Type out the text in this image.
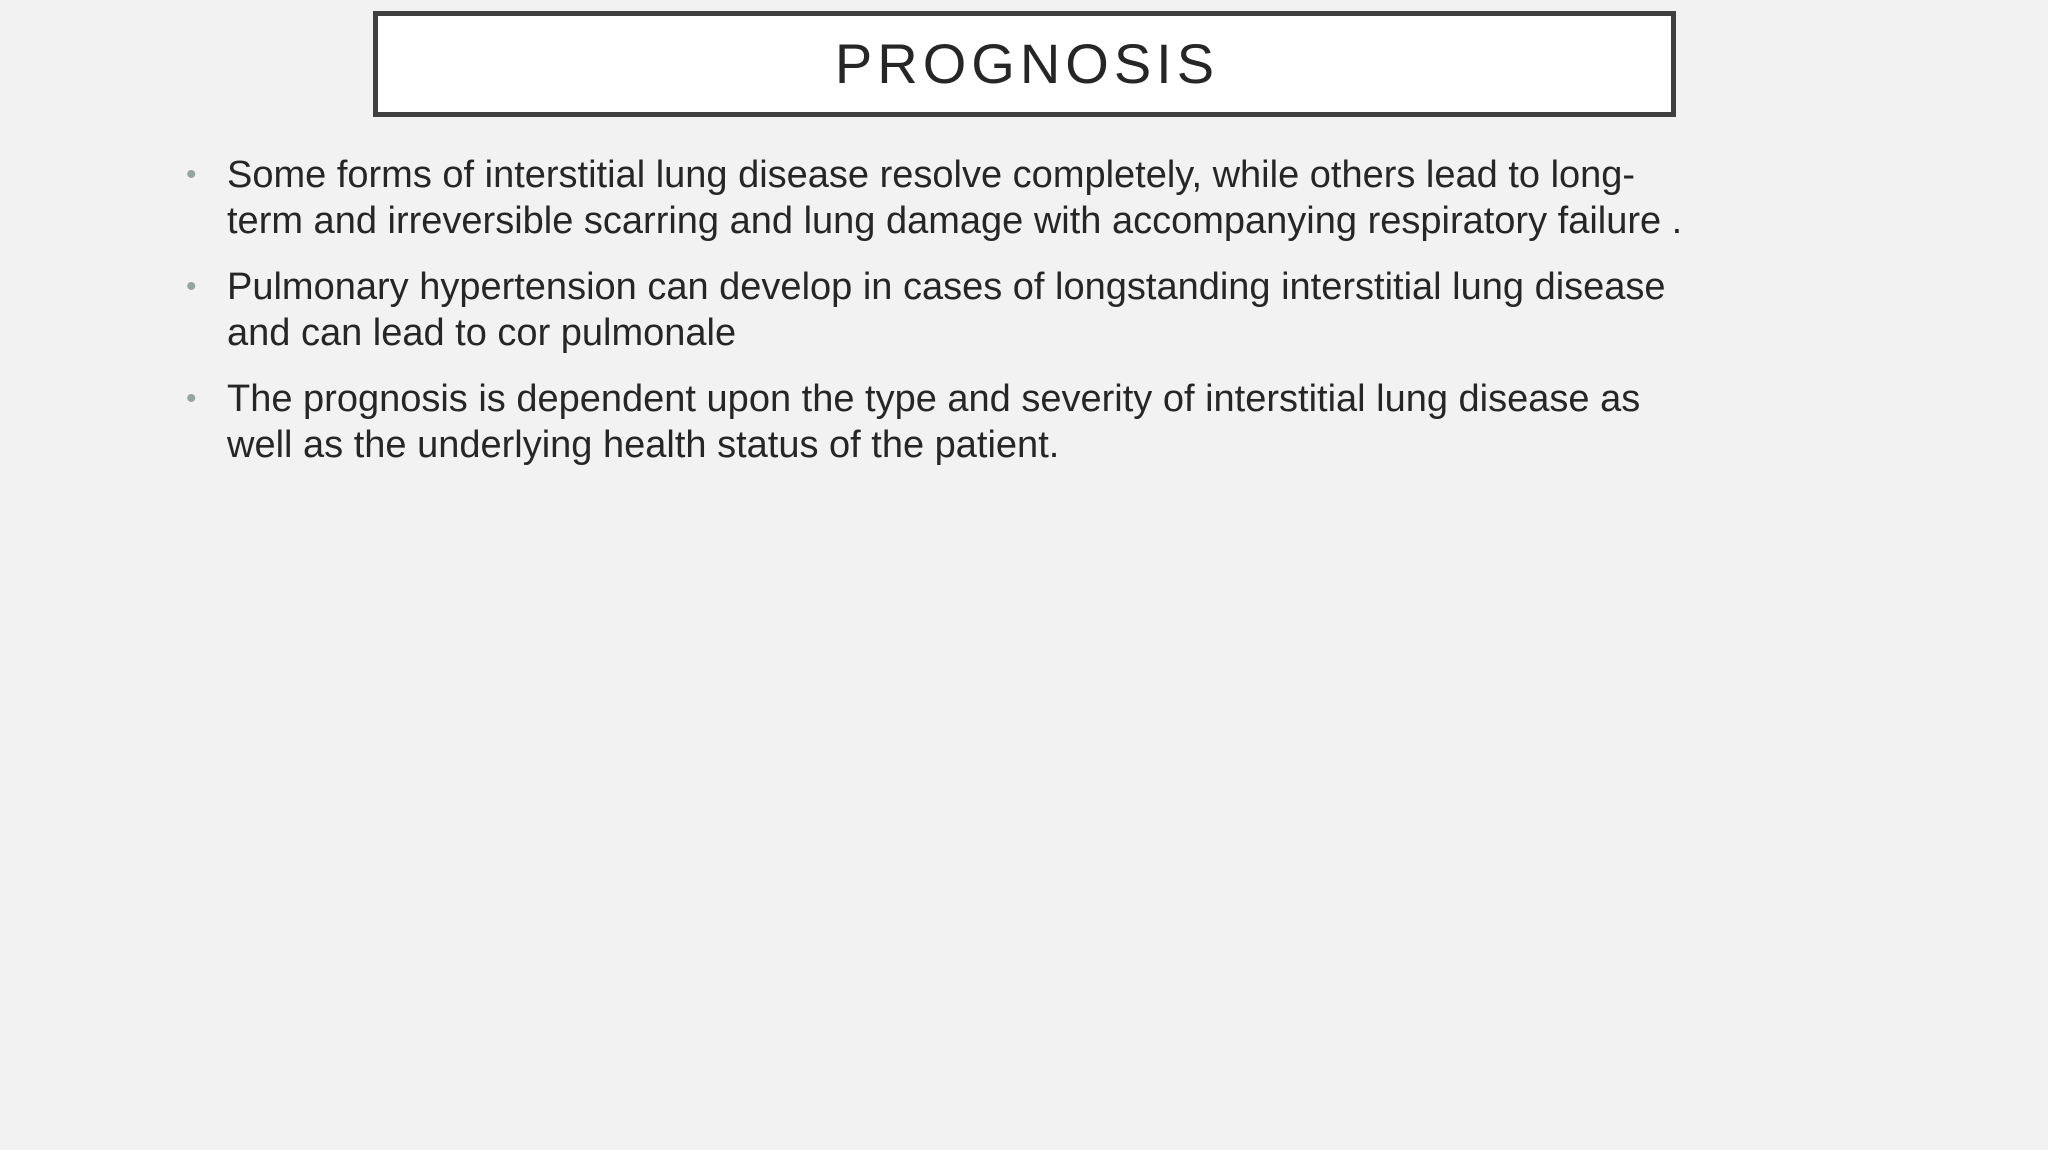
PROGNOSIS
• Some forms of interstitial lung disease resolve completely, while others lead to long-term and irreversible scarring and lung damage with accompanying respiratory failure .
• Pulmonary hypertension can develop in cases of longstanding interstitial lung disease and can lead to cor pulmonale
• The prognosis is dependent upon the type and severity of interstitial lung disease as well as the underlying health status of the patient.
